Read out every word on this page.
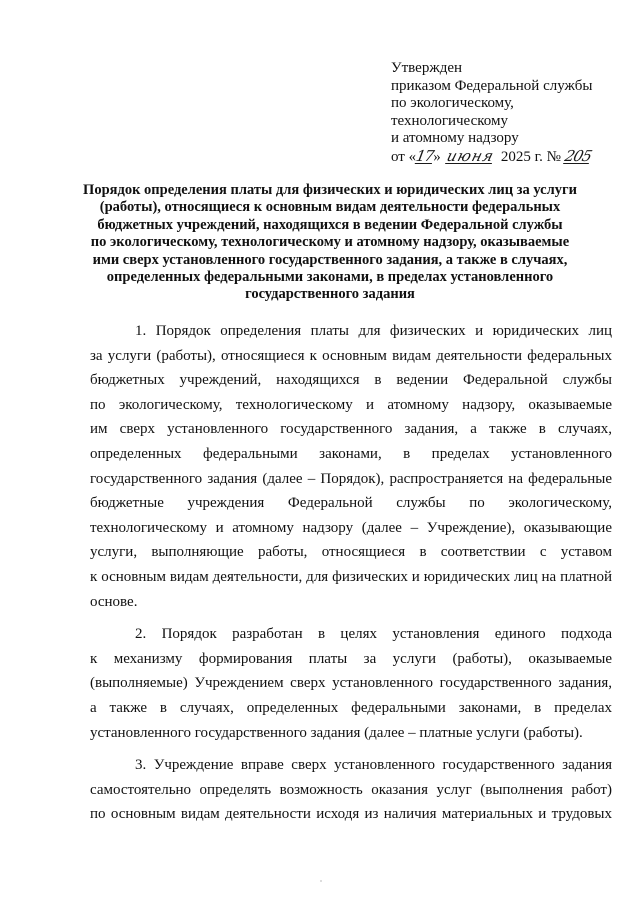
Утвержден
приказом Федеральной службы
по экологическому,
технологическому
и атомному надзору
от «17» июня 2025 г. № 205
Порядок определения платы для физических и юридических лиц за услуги
(работы), относящиеся к основным видам деятельности федеральных
бюджетных учреждений, находящихся в ведении Федеральной службы
по экологическому, технологическому и атомному надзору, оказываемые
ими сверх установленного государственного задания, а также в случаях,
определенных федеральными законами, в пределах установленного
государственного задания
1. Порядок определения платы для физических и юридических лиц
за услуги (работы), относящиеся к основным видам деятельности федеральных
бюджетных учреждений, находящихся в ведении Федеральной службы
по экологическому, технологическому и атомному надзору, оказываемые
им сверх установленного государственного задания, а также в случаях,
определенных федеральными законами, в пределах установленного
государственного задания (далее – Порядок), распространяется на федеральные
бюджетные учреждения Федеральной службы по экологическому,
технологическому и атомному надзору (далее – Учреждение), оказывающие
услуги, выполняющие работы, относящиеся в соответствии с уставом
к основным видам деятельности, для физических и юридических лиц на платной
основе.
2. Порядок разработан в целях установления единого подхода
к механизму формирования платы за услуги (работы), оказываемые
(выполняемые) Учреждением сверх установленного государственного задания,
а также в случаях, определенных федеральными законами, в пределах
установленного государственного задания (далее – платные услуги (работы).
3. Учреждение вправе сверх установленного государственного задания
самостоятельно определять возможность оказания услуг (выполнения работ)
по основным видам деятельности исходя из наличия материальных и трудовых
